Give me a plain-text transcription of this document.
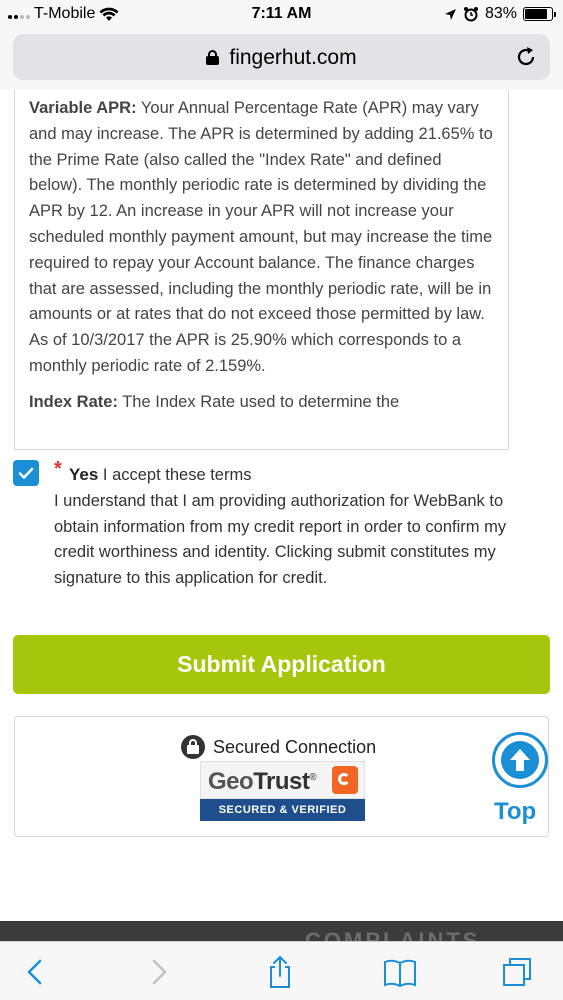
T-Mobile	7:11 AM	83%
fingerhut.com

Variable APR: Your Annual Percentage Rate (APR) may vary and may increase. The APR is determined by adding 21.65% to the Prime Rate (also called the "Index Rate" and defined below). The monthly periodic rate is determined by dividing the APR by 12. An increase in your APR will not increase your scheduled monthly payment amount, but may increase the time required to repay your Account balance. The finance charges that are assessed, including the monthly periodic rate, will be in amounts or at rates that do not exceed those permitted by law. As of 10/3/2017 the APR is 25.90% which corresponds to a monthly periodic rate of 2.159%.

Index Rate: The Index Rate used to determine the

* Yes I accept these terms
I understand that I am providing authorization for WebBank to obtain information from my credit report in order to confirm my credit worthiness and identity. Clicking submit constitutes my signature to this application for credit.
Submit Application
Secured Connection
GeoTrust®
SECURED & VERIFIED	Top
